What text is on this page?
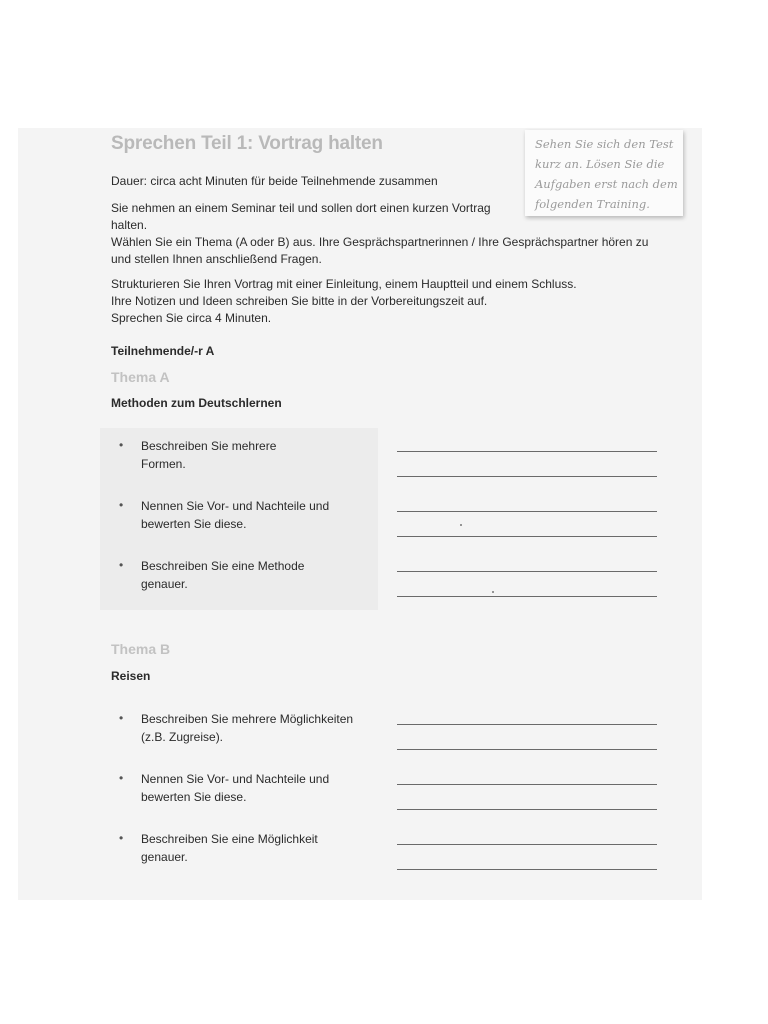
Sprechen Teil 1: Vortrag halten	Sehen Sie sich den Test
kurz an. Lösen Sie die
Aufgaben erst nach dem
folgenden Training.
Dauer: circa acht Minuten für beide Teilnehmende zusammen
Sie nehmen an einem Seminar teil und sollen dort einen kurzen Vortrag
halten.
Wählen Sie ein Thema (A oder B) aus. Ihre Gesprächspartnerinnen / Ihre Gesprächspartner hören zu
und stellen Ihnen anschließend Fragen.
Strukturieren Sie Ihren Vortrag mit einer Einleitung, einem Hauptteil und einem Schluss.
Ihre Notizen und Ideen schreiben Sie bitte in der Vorbereitungszeit auf.
Sprechen Sie circa 4 Minuten.
Teilnehmende/-r A
Thema A
Methoden zum Deutschlernen
• Beschreiben Sie mehrere
Formen.
• Nennen Sie Vor- und Nachteile und
bewerten Sie diese.
• Beschreiben Sie eine Methode
genauer.
Thema B
Reisen
• Beschreiben Sie mehrere Möglichkeiten
(z.B. Zugreise).
• Nennen Sie Vor- und Nachteile und
bewerten Sie diese.
• Beschreiben Sie eine Möglichkeit
genauer.
